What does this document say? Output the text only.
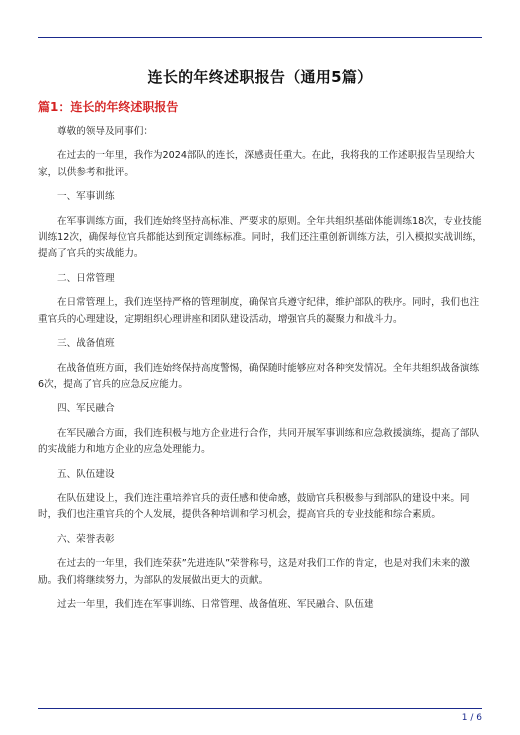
连长的年终述职报告（通用5篇）
篇1：连长的年终述职报告

尊敬的领导及同事们：

在过去的一年里，我作为2024部队的连长，深感责任重大。在此，我将我的工作述职报告呈现给大家，以供参考和批评。

一、军事训练

在军事训练方面，我们连始终坚持高标准、严要求的原则。全年共组织基础体能训练18次，专业技能训练12次，确保每位官兵都能达到预定训练标准。同时，我们还注重创新训练方法，引入模拟实战训练，提高了官兵的实战能力。

二、日常管理

在日常管理上，我们连坚持严格的管理制度，确保官兵遵守纪律，维护部队的秩序。同时，我们也注重官兵的心理建设，定期组织心理讲座和团队建设活动，增强官兵的凝聚力和战斗力。

三、战备值班

在战备值班方面，我们连始终保持高度警惕，确保随时能够应对各种突发情况。全年共组织战备演练6次，提高了官兵的应急反应能力。

四、军民融合

在军民融合方面，我们连积极与地方企业进行合作，共同开展军事训练和应急救援演练，提高了部队的实战能力和地方企业的应急处理能力。

五、队伍建设

在队伍建设上，我们连注重培养官兵的责任感和使命感，鼓励官兵积极参与到部队的建设中来。同时，我们也注重官兵的个人发展，提供各种培训和学习机会，提高官兵的专业技能和综合素质。

六、荣誉表彰

在过去的一年里，我们连荣获”先进连队”荣誉称号，这是对我们工作的肯定，也是对我们未来的激励。我们将继续努力，为部队的发展做出更大的贡献。

过去一年里，我们连在军事训练、日常管理、战备值班、军民融合、队伍建

1 / 6
